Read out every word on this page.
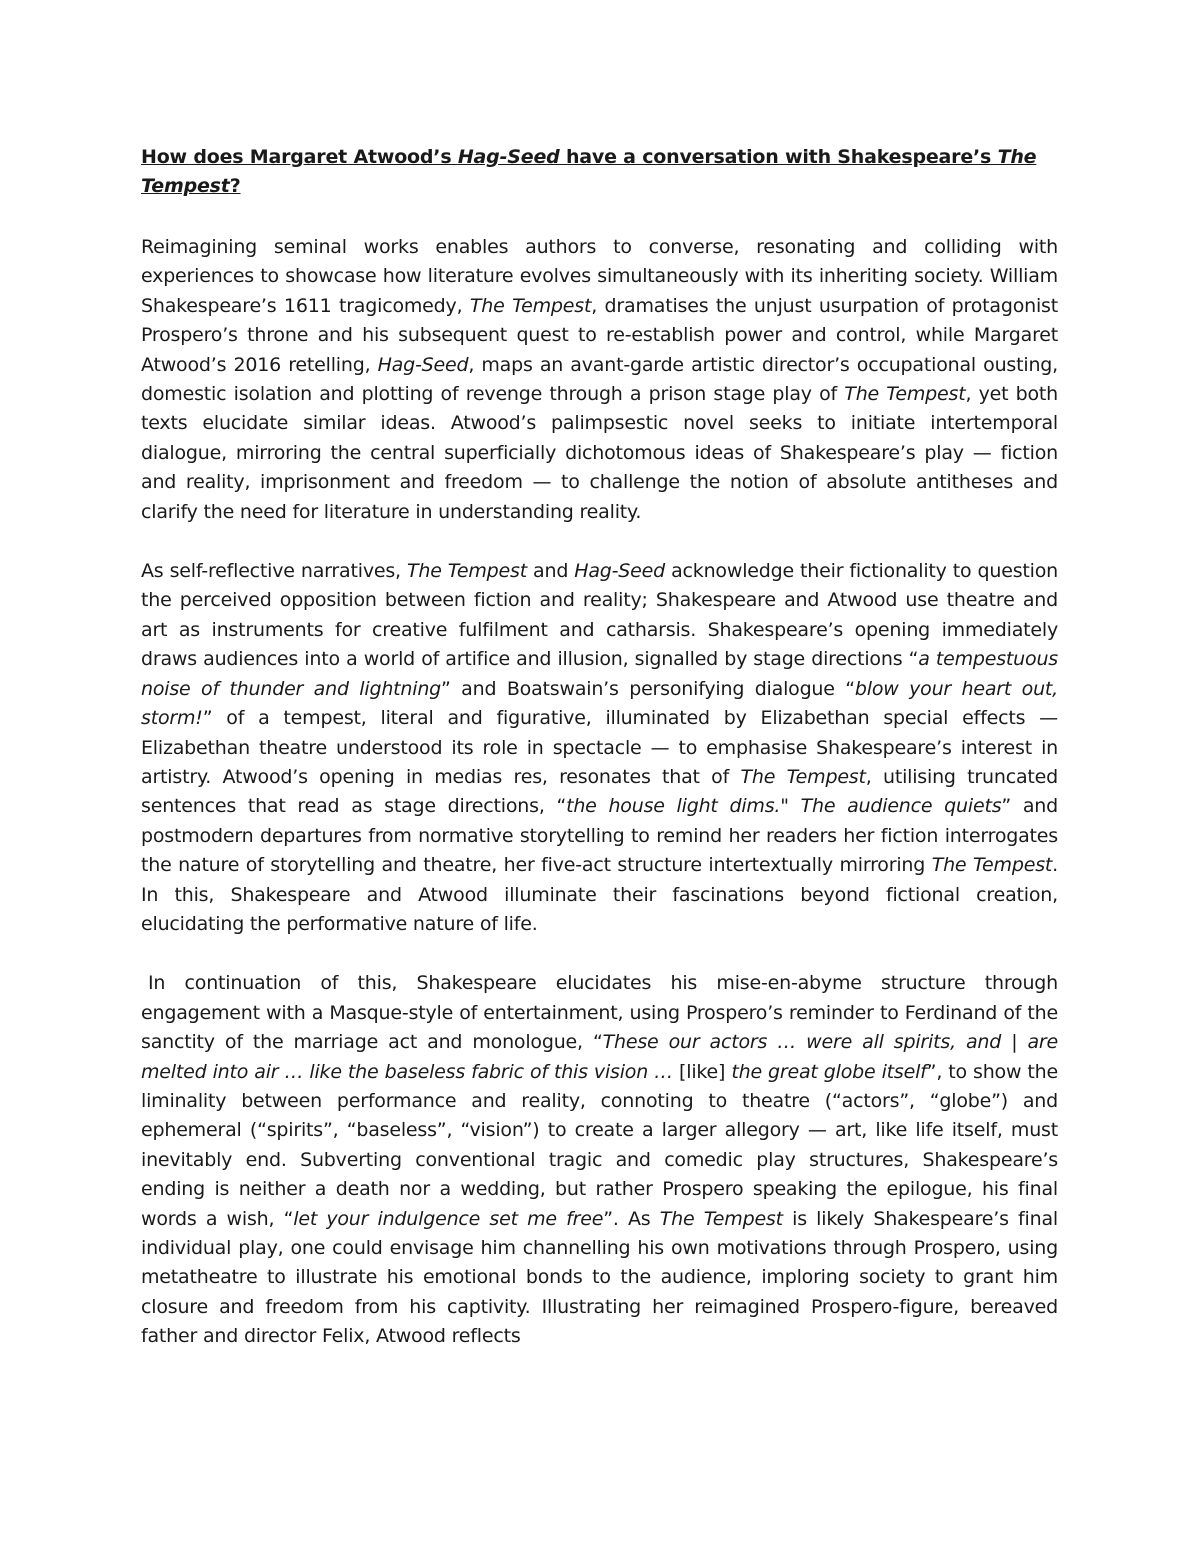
How does Margaret Atwood’s Hag-Seed have a conversation with Shakespeare’s The Tempest?

Reimagining seminal works enables authors to converse, resonating and colliding with experiences to showcase how literature evolves simultaneously with its inheriting society. William Shakespeare’s 1611 tragicomedy, The Tempest, dramatises the unjust usurpation of protagonist Prospero’s throne and his subsequent quest to re-establish power and control, while Margaret Atwood’s 2016 retelling, Hag-Seed, maps an avant-garde artistic director’s occupational ousting, domestic isolation and plotting of revenge through a prison stage play of The Tempest, yet both texts elucidate similar ideas. Atwood’s palimpsestic novel seeks to initiate intertemporal dialogue, mirroring the central superficially dichotomous ideas of Shakespeare’s play — fiction and reality, imprisonment and freedom — to challenge the notion of absolute antitheses and clarify the need for literature in understanding reality.

As self-reflective narratives, The Tempest and Hag-Seed acknowledge their fictionality to question the perceived opposition between fiction and reality; Shakespeare and Atwood use theatre and art as instruments for creative fulfilment and catharsis. Shakespeare’s opening immediately draws audiences into a world of artifice and illusion, signalled by stage directions “a tempestuous noise of thunder and lightning” and Boatswain’s personifying dialogue “blow your heart out, storm!” of a tempest, literal and figurative, illuminated by Elizabethan special effects — Elizabethan theatre understood its role in spectacle — to emphasise Shakespeare’s interest in artistry. Atwood’s opening in medias res, resonates that of The Tempest, utilising truncated sentences that read as stage directions, “the house light dims." The audience quiets” and postmodern departures from normative storytelling to remind her readers her fiction interrogates the nature of storytelling and theatre, her five-act structure intertextually mirroring The Tempest. In this, Shakespeare and Atwood illuminate their fascinations beyond fictional creation, elucidating the performative nature of life.

In continuation of this, Shakespeare elucidates his mise-en-abyme structure through engagement with a Masque-style of entertainment, using Prospero’s reminder to Ferdinand of the sanctity of the marriage act and monologue, “These our actors … were all spirits, and | are melted into air … like the baseless fabric of this vision … [like] the great globe itself”, to show the liminality between performance and reality, connoting to theatre (“actors”, “globe”) and ephemeral (“spirits”, “baseless”, “vision”) to create a larger allegory — art, like life itself, must inevitably end. Subverting conventional tragic and comedic play structures, Shakespeare’s ending is neither a death nor a wedding, but rather Prospero speaking the epilogue, his final words a wish, “let your indulgence set me free”. As The Tempest is likely Shakespeare’s final individual play, one could envisage him channelling his own motivations through Prospero, using metatheatre to illustrate his emotional bonds to the audience, imploring society to grant him closure and freedom from his captivity. Illustrating her reimagined Prospero-figure, bereaved father and director Felix, Atwood reflects
